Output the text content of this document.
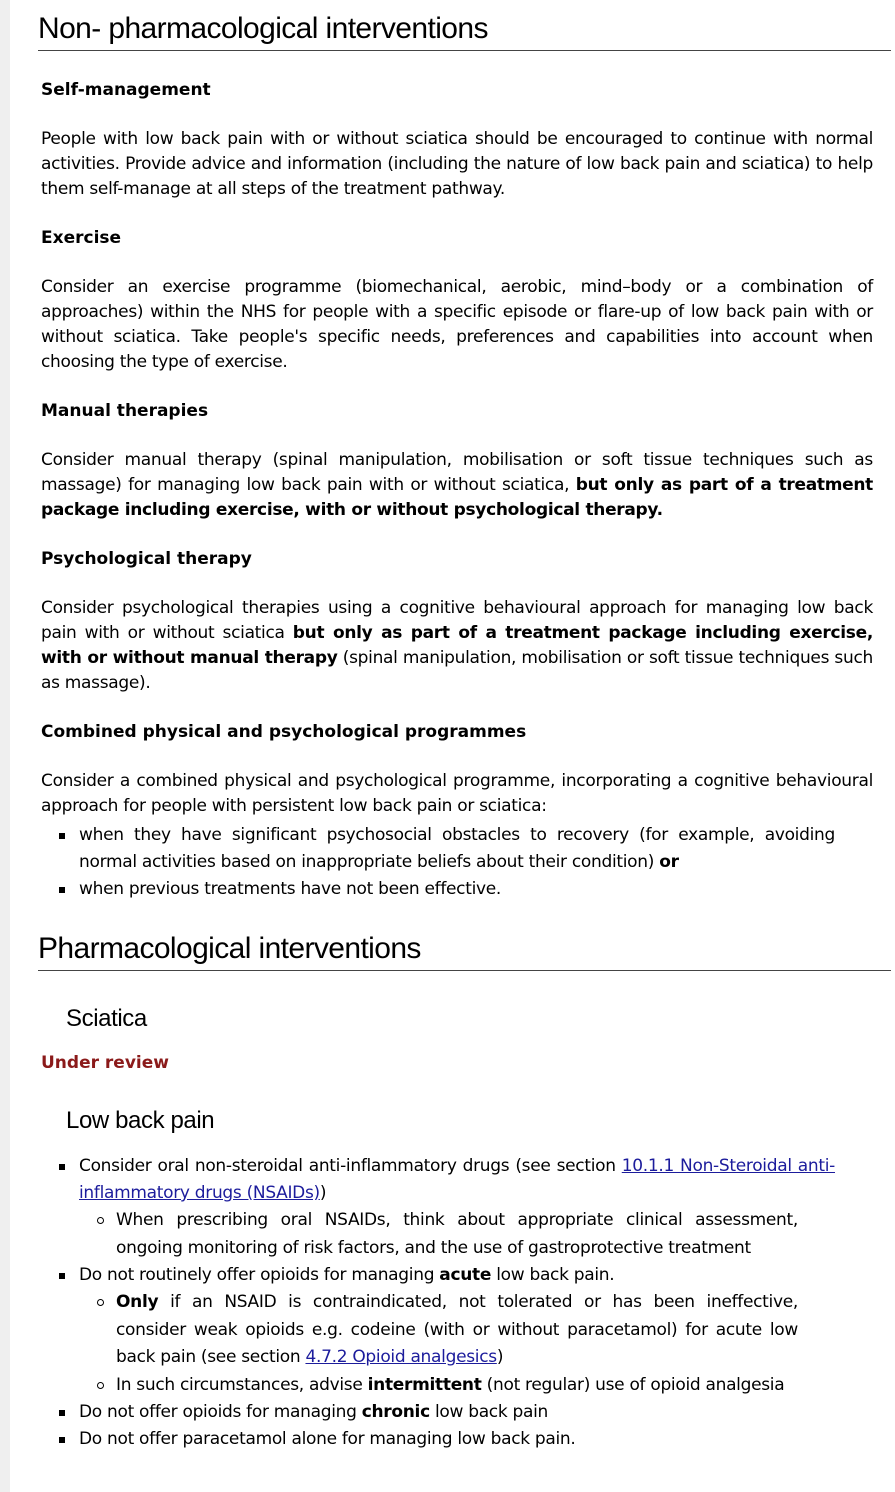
Non- pharmacological interventions
Self-management

People with low back pain with or without sciatica should be encouraged to continue with normal activities. Provide advice and information (including the nature of low back pain and sciatica) to help them self-manage at all steps of the treatment pathway.

Exercise

Consider an exercise programme (biomechanical, aerobic, mind–body or a combination of approaches) within the NHS for people with a specific episode or flare-up of low back pain with or without sciatica. Take people's specific needs, preferences and capabilities into account when choosing the type of exercise.

Manual therapies

Consider manual therapy (spinal manipulation, mobilisation or soft tissue techniques such as massage) for managing low back pain with or without sciatica, but only as part of a treatment package including exercise, with or without psychological therapy.

Psychological therapy

Consider psychological therapies using a cognitive behavioural approach for managing low back pain with or without sciatica but only as part of a treatment package including exercise, with or without manual therapy (spinal manipulation, mobilisation or soft tissue techniques such as massage).

Combined physical and psychological programmes

Consider a combined physical and psychological programme, incorporating a cognitive behavioural approach for people with persistent low back pain or sciatica:

when they have significant psychosocial obstacles to recovery (for example, avoiding normal activities based on inappropriate beliefs about their condition) or
when previous treatments have not been effective.
Pharmacological interventions
Sciatica
Under review
Low back pain
Consider oral non-steroidal anti-inflammatory drugs (see section 10.1.1 Non-Steroidal anti-inflammatory drugs (NSAIDs))
When prescribing oral NSAIDs, think about appropriate clinical assessment, ongoing monitoring of risk factors, and the use of gastroprotective treatment
Do not routinely offer opioids for managing acute low back pain.
Only if an NSAID is contraindicated, not tolerated or has been ineffective, consider weak opioids e.g. codeine (with or without paracetamol) for acute low back pain (see section 4.7.2 Opioid analgesics)
In such circumstances, advise intermittent (not regular) use of opioid analgesia
Do not offer opioids for managing chronic low back pain
Do not offer paracetamol alone for managing low back pain.
